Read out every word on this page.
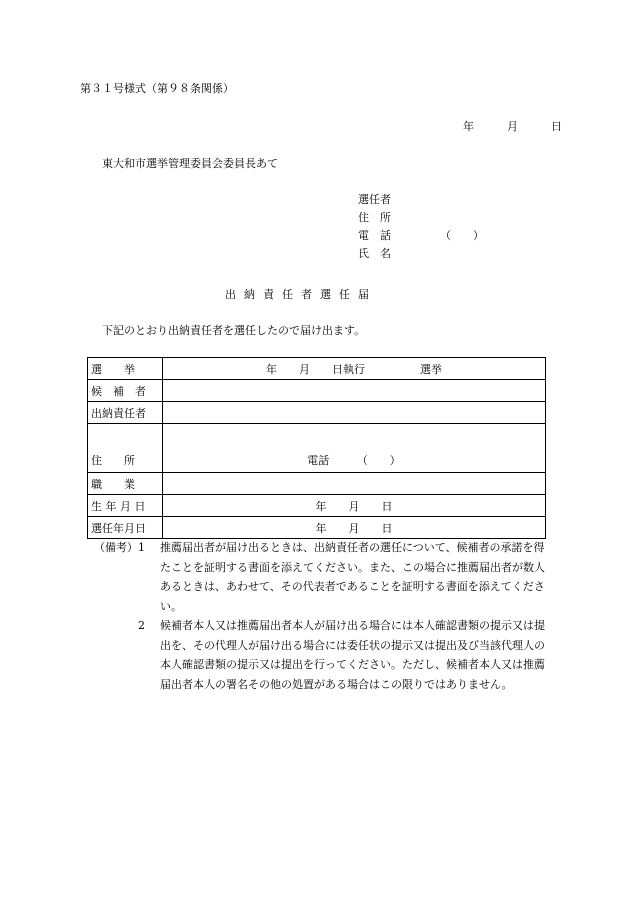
第３１号様式（第９８条関係）
年	月	日
東大和市選挙管理委員会委員長あて
選任者
住　所
電　話	（　　）
氏　名
出納責任者選任届
下記のとおり出納責任者を選任したので届け出ます。
選　　挙	年　　月　　日執行　　　　　選挙
候　補　者	
出納責任者	
住　　所	電話　　　（　　）
職　　業	
生 年 月 日	年　　月　　日
選任年月日	年　　月　　日
（備考） 1	推薦届出者が届け出るときは、出納責任者の選任について、候補者の承諾を得たことを証明する書面を添えてください。また、この場合に推薦届出者が数人あるときは、あわせて、その代表者であることを証明する書面を添えてください。
2	候補者本人又は推薦届出者本人が届け出る場合には本人確認書類の提示又は提出を、その代理人が届け出る場合には委任状の提示又は提出及び当該代理人の本人確認書類の提示又は提出を行ってください。ただし、候補者本人又は推薦届出者本人の署名その他の処置がある場合はこの限りではありません。
